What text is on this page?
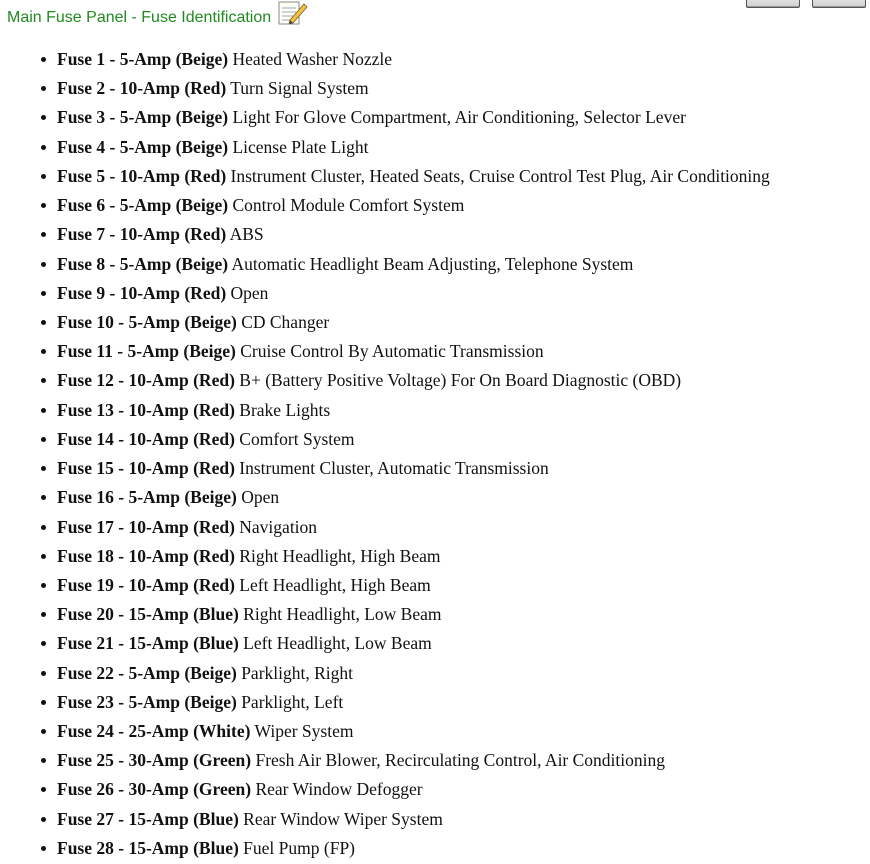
Main Fuse Panel - Fuse Identification
Fuse 1 - 5-Amp (Beige) Heated Washer Nozzle
Fuse 2 - 10-Amp (Red) Turn Signal System
Fuse 3 - 5-Amp (Beige) Light For Glove Compartment, Air Conditioning, Selector Lever
Fuse 4 - 5-Amp (Beige) License Plate Light
Fuse 5 - 10-Amp (Red) Instrument Cluster, Heated Seats, Cruise Control Test Plug, Air Conditioning
Fuse 6 - 5-Amp (Beige) Control Module Comfort System
Fuse 7 - 10-Amp (Red) ABS
Fuse 8 - 5-Amp (Beige) Automatic Headlight Beam Adjusting, Telephone System
Fuse 9 - 10-Amp (Red) Open
Fuse 10 - 5-Amp (Beige) CD Changer
Fuse 11 - 5-Amp (Beige) Cruise Control By Automatic Transmission
Fuse 12 - 10-Amp (Red) B+ (Battery Positive Voltage) For On Board Diagnostic (OBD)
Fuse 13 - 10-Amp (Red) Brake Lights
Fuse 14 - 10-Amp (Red) Comfort System
Fuse 15 - 10-Amp (Red) Instrument Cluster, Automatic Transmission
Fuse 16 - 5-Amp (Beige) Open
Fuse 17 - 10-Amp (Red) Navigation
Fuse 18 - 10-Amp (Red) Right Headlight, High Beam
Fuse 19 - 10-Amp (Red) Left Headlight, High Beam
Fuse 20 - 15-Amp (Blue) Right Headlight, Low Beam
Fuse 21 - 15-Amp (Blue) Left Headlight, Low Beam
Fuse 22 - 5-Amp (Beige) Parklight, Right
Fuse 23 - 5-Amp (Beige) Parklight, Left
Fuse 24 - 25-Amp (White) Wiper System
Fuse 25 - 30-Amp (Green) Fresh Air Blower, Recirculating Control, Air Conditioning
Fuse 26 - 30-Amp (Green) Rear Window Defogger
Fuse 27 - 15-Amp (Blue) Rear Window Wiper System
Fuse 28 - 15-Amp (Blue) Fuel Pump (FP)
